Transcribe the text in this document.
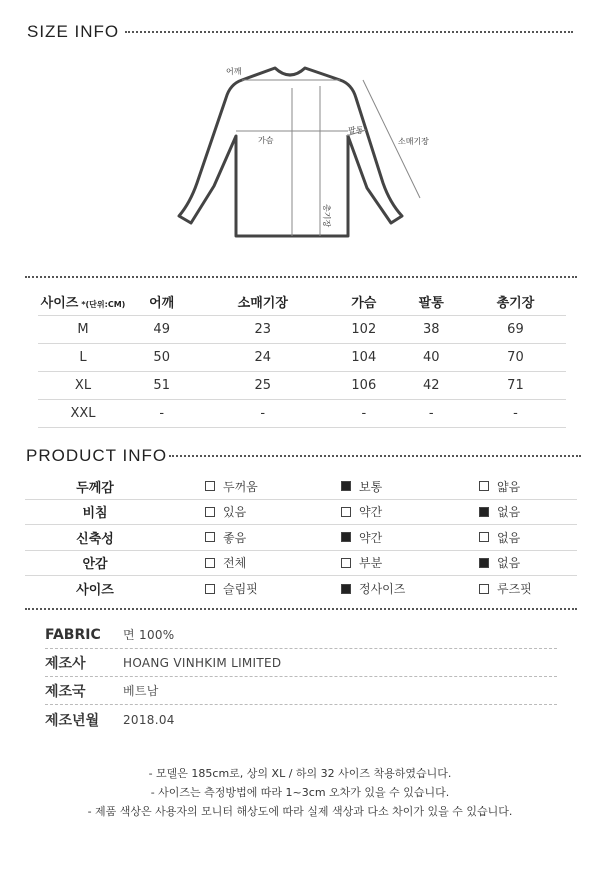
SIZE INFO
어깨
가슴
팔통
소매기장
총기장
사이즈 *(단위:CM)	어깨	소매기장	가슴	팔통	총기장
M	49	23	102	38	69
L	50	24	104	40	70
XL	51	25	106	42	71
XXL	-	-	-	-	-
PRODUCT INFO
두께감	두꺼움	보통	얇음
비침	있음	약간	없음
신축성	좋음	약간	없음
안감	전체	부분	없음
사이즈	슬림핏	정사이즈	루즈핏
FABRIC	면 100%
제조사	HOANG VINHKIM LIMITED
제조국	베트남
제조년월	2018.04
- 모델은 185cm로, 상의 XL / 하의 32 사이즈 착용하였습니다.
- 사이즈는 측정방법에 따라 1~3cm 오차가 있을 수 있습니다.
- 제품 색상은 사용자의 모니터 해상도에 따라 실제 색상과 다소 차이가 있을 수 있습니다.
